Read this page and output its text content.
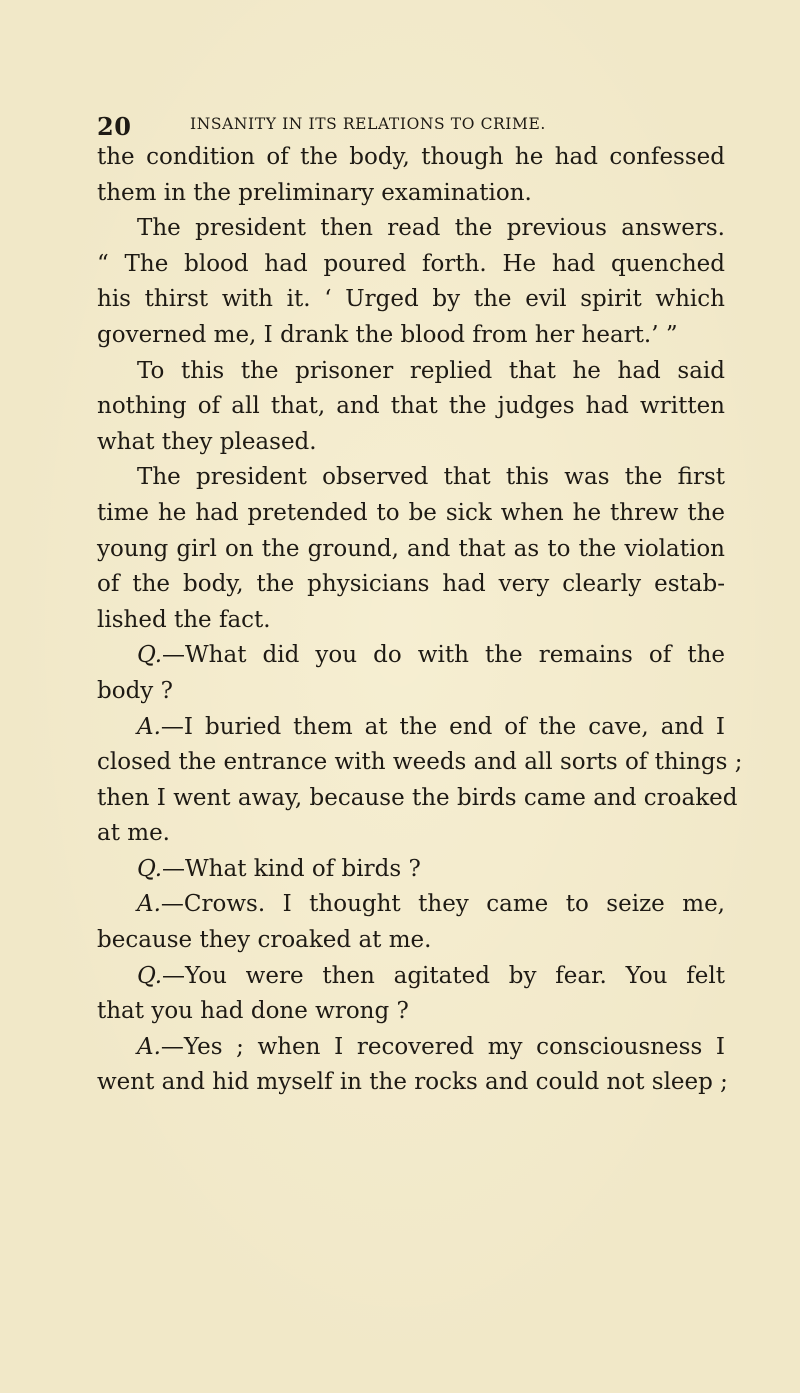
20	INSANITY IN ITS RELATIONS TO CRIME.
the condition of the body, though he had confessed
them in the preliminary examination.
The president then read the previous answers.
“ The blood had poured forth. He had quenched
his thirst with it. ‘ Urged by the evil spirit which
governed me, I drank the blood from her heart.’ ”
To this the prisoner replied that he had said
nothing of all that, and that the judges had written
what they pleased.
The president observed that this was the first
time he had pretended to be sick when he threw the
young girl on the ground, and that as to the violation
of the body, the physicians had very clearly estab-
lished the fact.
Q.—What did you do with the remains of the
body ?
A.—I buried them at the end of the cave, and I
closed the entrance with weeds and all sorts of things ;
then I went away, because the birds came and croaked
at me.
Q.—What kind of birds ?
A.—Crows. I thought they came to seize me,
because they croaked at me.
Q.—You were then agitated by fear. You felt
that you had done wrong ?
A.—Yes ; when I recovered my consciousness I
went and hid myself in the rocks and could not sleep ;
